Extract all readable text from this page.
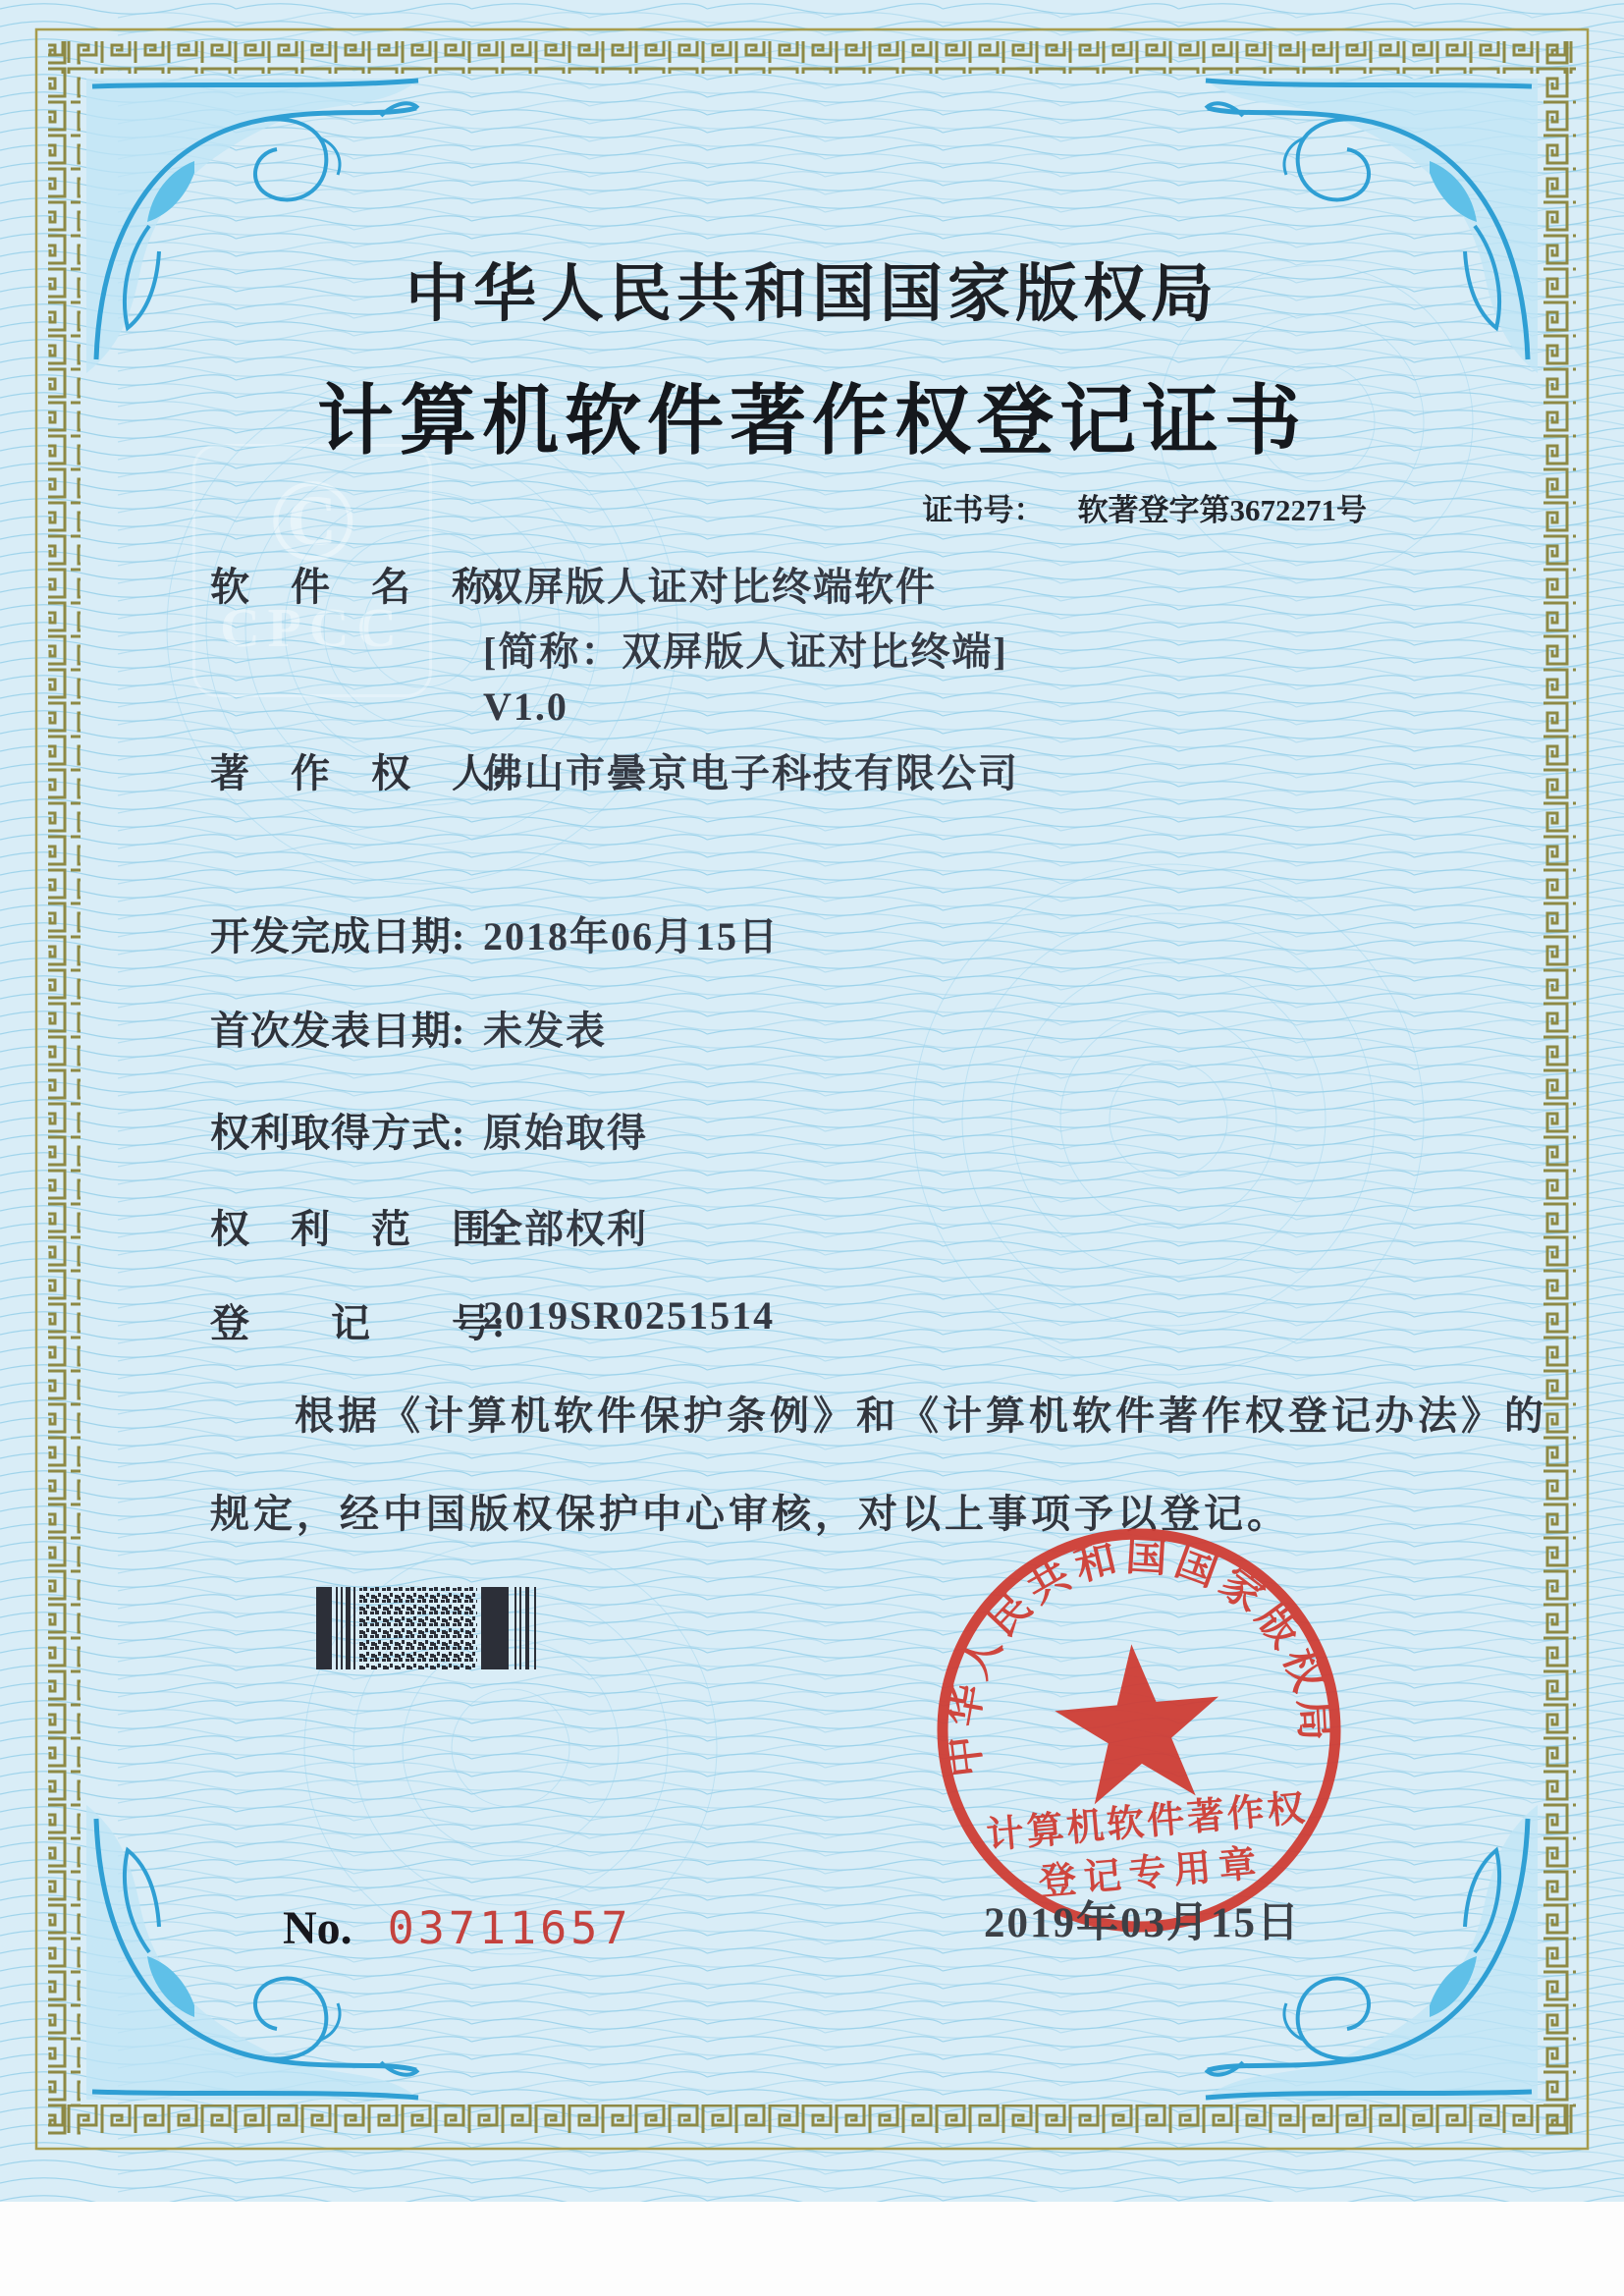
©
CPCC
中华人民共和国国家版权局
计算机软件著作权登记证书
证书号： 软著登字第3672271号
软　件　名　称:
双屏版人证对比终端软件
[简称：双屏版人证对比终端]
V1.0
著　作　权　人:
佛山市曇京电子科技有限公司
开发完成日期: 2018年06月15日
首次发表日期: 未发表
权利取得方式: 原始取得
权　利　范　围:
全部权利
登　　记　　号:
2019SR0251514
根据《计算机软件保护条例》和《计算机软件著作权登记办法》的
规定，经中国版权保护中心审核，对以上事项予以登记。
中华人民共和国国家版权局
计算机软件著作权
登记专用章
2019年03月15日
No. 03711657
